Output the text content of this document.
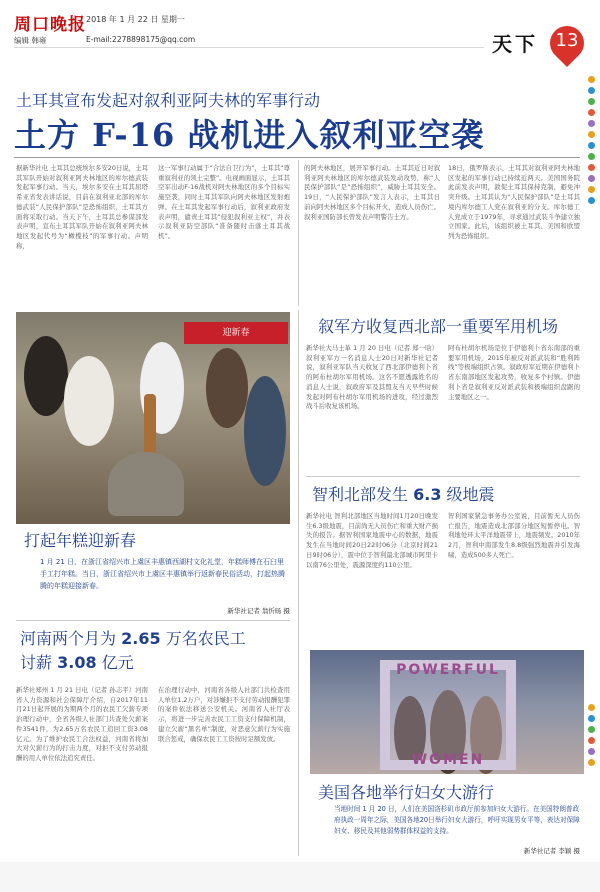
周口晚报 2018 年 1 月 22 日 星期一
编辑 韩雍	E-mail:2278898175@qq.com	天下 13
土耳其宣布发起对叙利亚阿夫林的军事行动
土方 F-16 战机进入叙利亚空袭
据新华社电 土耳其总统埃尔多安20日说，土耳其军队开始对叙利亚阿夫林地区的库尔德武装发起军事行动。当天，埃尔多安在土耳其屈塔希亚省发表讲话说，目前在叙利亚北部的库尔德武装“人民保护部队”是恐怖组织，土耳其方面将采取行动。当天下午，土耳其总参谋部发表声明，宣布土耳其军队开始在叙利亚阿夫林地区发起代号为“橄榄枝”的军事行动。声明称，
这一军事行动属于“合法自卫行为”，土耳其“尊重叙利亚的领土完整”。电视画面显示，土耳其空军出动F-16战机对阿夫林地区的多个目标实施空袭，同时土耳其军队向阿夫林地区发射炮弹。在土耳其发起军事行动后，叙利亚政府发表声明，谴责土耳其“侵犯叙利亚主权”，并表示叙利亚防空部队“准备随时击落土耳其战机”。
的阿夫林地区，展开军事行动。土耳其近日对叙利亚阿夫林地区的库尔德武装发动攻势，称“人民保护部队”是“恐怖组织”，威胁土耳其安全。19日，“人民保护部队”发言人表示，土耳其日前向阿夫林地区多个目标开火，造成人员伤亡。叙利亚国防部长曾发表声明警告土方。
18日，俄罗斯表示，土耳其对叙利亚阿夫林地区发起的军事行动已持续近两天。美国国务院此前发表声明，敦促土耳其保持克制，避免冲突升级。土耳其认为“人民保护部队”是土耳其境内库尔德工人党在叙利亚的分支。库尔德工人党成立于1979年，寻求通过武装斗争建立独立国家。此后，该组织被土耳其、美国和欧盟列为恐怖组织。
迎新春
打起年糕迎新春
1 月 21 日，在浙江省绍兴市上虞区丰惠镇西湖村文化礼堂，年糕师傅在石臼里手工打年糕。当日，浙江省绍兴市上虞区丰惠镇举行返新春民俗活动，打起热腾腾的年糕迎接新春。
新华社记者 翁忻旸 摄
叙军方收复西北部一重要军用机场
新华社大马士革 1 月 20 日电（记者 郑一晗）叙利亚军方一名消息人士20日对新华社记者说，叙利亚军队当天收复了西北部伊德利卜省的阿布杜胡尔军用机场。这名不愿透露姓名的消息人士说，叙政府军及其盟友当天早些时候发起对阿布杜胡尔军用机场的进攻，经过激烈战斗后收复该机场。
阿布杜胡尔机场是位于伊德利卜省东南部的重要军用机场，2015年被反对派武装和“胜利阵线”等极端组织占领。叙政府军近期在伊德利卜省东南部地区发起攻势，收复多个村镇。伊德利卜省是叙利亚反对派武装和极端组织盘踞的主要地区之一。
智利北部发生 6.3 级地震
新华社电 智利北部地区当地时间1月20日晚发生6.3级地震，目前尚无人员伤亡和重大财产损失的报告。据智利国家地震中心的数据，地震发生在当地时间20日22时06分（北京时间21日9时06分），震中位于智利最北部城市阿里卡以南76公里处，震源深度约110公里。
智利国家紧急事务办公室说，目前暂无人员伤亡报告，地震造成北部部分地区短暂停电。智利地处环太平洋地震带上，地震频发。2010年2月，智利中南部发生8.8级强烈地震并引发海啸，造成500多人死亡。
河南两个月为 2.65 万名农民工
讨薪 3.08 亿元
新华社郑州 1 月 21 日电（记者 孙志平）河南省人力资源和社会保障厅介绍，自2017年11月21日起开展的为期两个月的农民工欠薪专项治理行动中，全省各级人社部门共查处欠薪案件3541件，为2.65万名农民工追回工资3.08亿元。为了维护农民工合法权益，河南省将加大对欠薪行为的打击力度，对拒不支付劳动报酬的用人单位依法追究责任。
在治理行动中，河南省各级人社部门共检查用人单位1.2万户，对涉嫌拒不支付劳动报酬犯罪的案件依法移送公安机关。河南省人社厅表示，将进一步完善农民工工资支付保障机制，建立欠薪“黑名单”制度，对恶意欠薪行为实施联合惩戒，确保农民工工资按时足额发放。
POWERFUL
WOMEN
美国各地举行妇女大游行
当地时间 1 月 20 日，人们在美国洛杉矶市政厅前参加妇女大游行。在美国特朗普政府执政一周年之际，美国各地20日举行妇女大游行，呼吁实现男女平等，表达对保障妇女、移民及其他弱势群体权益的支持。
新华社记者 李颖 摄
